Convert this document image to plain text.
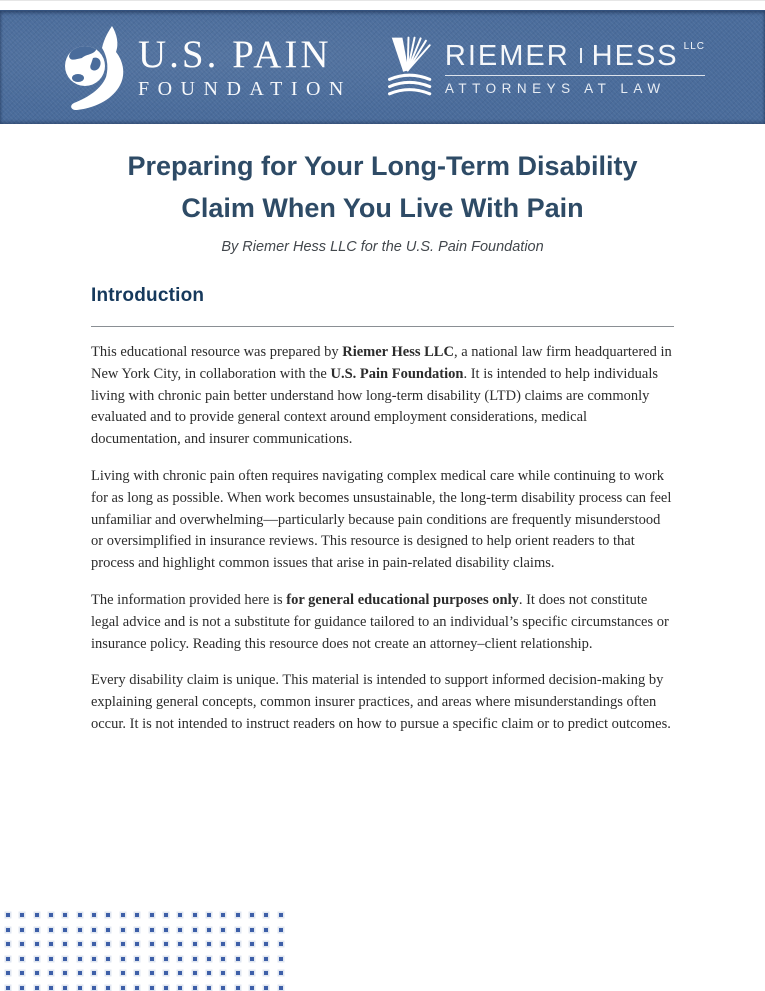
U.S. PAIN
FOUNDATION
RIEMER HESS LLC
ATTORNEYS AT LAW
Preparing for Your Long-Term Disability
Claim When You Live With Pain

By Riemer Hess LLC for the U.S. Pain Foundation

Introduction

This educational resource was prepared by Riemer Hess LLC, a national law firm headquartered in New York City, in collaboration with the U.S. Pain Foundation. It is intended to help individuals living with chronic pain better understand how long-term disability (LTD) claims are commonly evaluated and to provide general context around employment considerations, medical documentation, and insurer communications.

Living with chronic pain often requires navigating complex medical care while continuing to work for as long as possible. When work becomes unsustainable, the long-term disability process can feel unfamiliar and overwhelming—particularly because pain conditions are frequently misunderstood or oversimplified in insurance reviews. This resource is designed to help orient readers to that process and highlight common issues that arise in pain-related disability claims.

The information provided here is for general educational purposes only. It does not constitute legal advice and is not a substitute for guidance tailored to an individual’s specific circumstances or insurance policy. Reading this resource does not create an attorney–client relationship.

Every disability claim is unique. This material is intended to support informed decision-making by explaining general concepts, common insurer practices, and areas where misunderstandings often occur. It is not intended to instruct readers on how to pursue a specific claim or to predict outcomes.
